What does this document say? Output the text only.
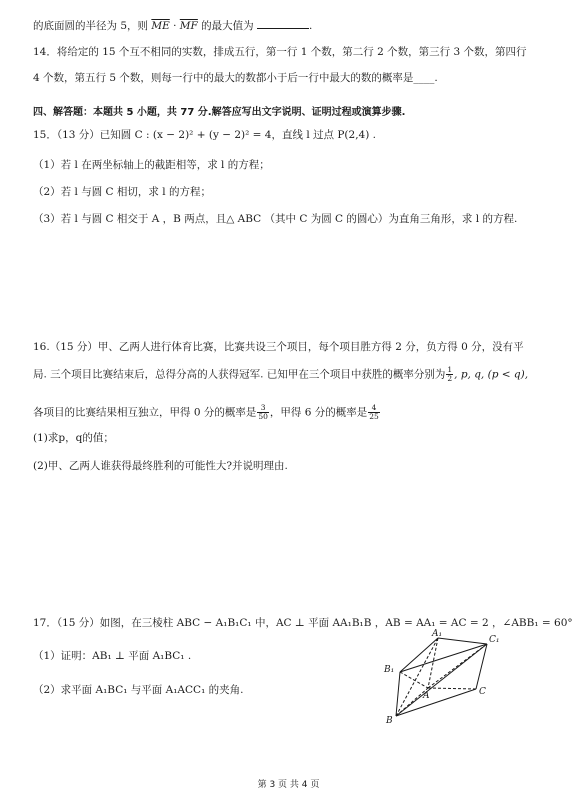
的底面圆的半径为 5，则 $\overline{ME} \cdot \overline{MF}$ 的最大值为	.
14．将给定的 15 个互不相同的实数，排成五行，第一行 1 个数，第二行 2 个数，第三行 3 个数，第四行
4 个数，第五行 5 个数，则每一行中的最大的数都小于后一行中最大的数的概率是____.
四、解答题：本题共 5 小题，共 77 分.解答应写出文字说明、证明过程或演算步骤.
15．（13 分）已知圆 C : (x − 2)² + (y − 2)² = 4，直线 l 过点 P(2,4) .
（1）若 l 在两坐标轴上的截距相等，求 l 的方程；
（2）若 l 与圆 C 相切，求 l 的方程；
（3）若 l 与圆 C 相交于 A ，B 两点，且△ ABC （其中 C 为圆 C 的圆心）为直角三角形，求 l 的方程.
16.（15 分）甲、乙两人进行体育比赛，比赛共设三个项目，每个项目胜方得 2 分，负方得 0 分，没有平
局. 三个项目比赛结束后，总得分高的人获得冠军. 已知甲在三个项目中获胜的概率分别为 $\frac{1}{2}$ , p, q, (p < q),
各项目的比赛结果相互独立，甲得 0 分的概率是 $\frac{3}{50}$ ，甲得 6 分的概率是 $\frac{4}{25}$
(1)求p，q的值；
(2)甲、乙两人谁获得最终胜利的可能性大?并说明理由.
17．（15 分）如图，在三棱柱 ABC − A₁B₁C₁ 中，AC ⊥ 平面 AA₁B₁B ，AB = AA₁ = AC = 2 ，∠ABB₁ = 60°
（1）证明：AB₁ ⊥ 平面 A₁BC₁ .
（2）求平面 A₁BC₁ 与平面 A₁ACC₁ 的夹角.
A₁
C₁
B₁
A	C
B
第 3 页 共 4 页
